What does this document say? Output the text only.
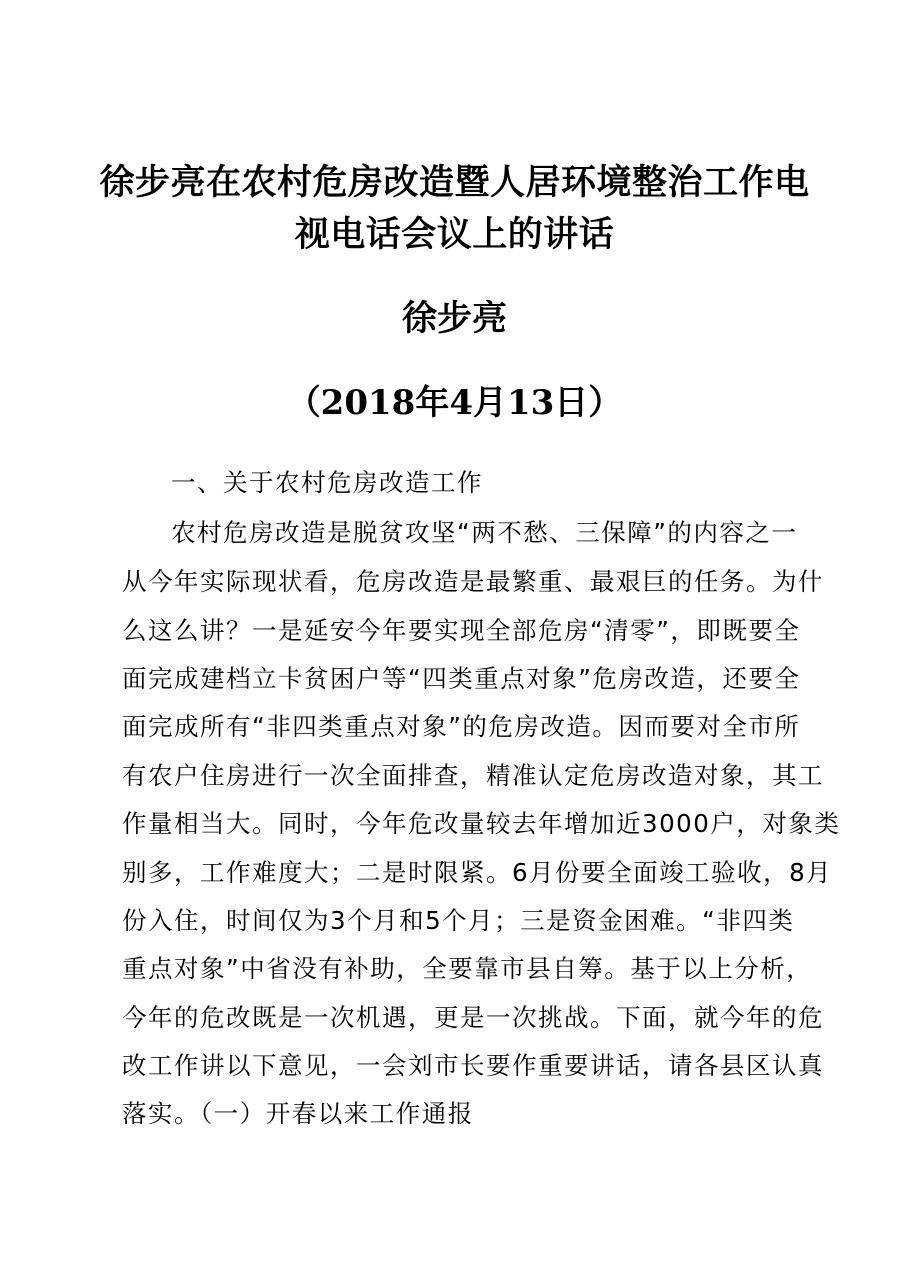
徐步亮在农村危房改造暨人居环境整治工作电
视电话会议上的讲话
徐步亮
（2018年4月13日）
一、关于农村危房改造工作
农村危房改造是脱贫攻坚“两不愁、三保障”的内容之一
从今年实际现状看，危房改造是最繁重、最艰巨的任务。为什
么这么讲？一是延安今年要实现全部危房“清零”，即既要全
面完成建档立卡贫困户等“四类重点对象”危房改造，还要全
面完成所有“非四类重点对象”的危房改造。因而要对全市所
有农户住房进行一次全面排查，精准认定危房改造对象，其工
作量相当大。同时，今年危改量较去年增加近3000户，对象类
别多，工作难度大；二是时限紧。6月份要全面竣工验收，8月
份入住，时间仅为3个月和5个月；三是资金困难。“非四类
重点对象”中省没有补助，全要靠市县自筹。基于以上分析，
今年的危改既是一次机遇，更是一次挑战。下面，就今年的危
改工作讲以下意见，一会刘市长要作重要讲话，请各县区认真
落实。（一）开春以来工作通报
